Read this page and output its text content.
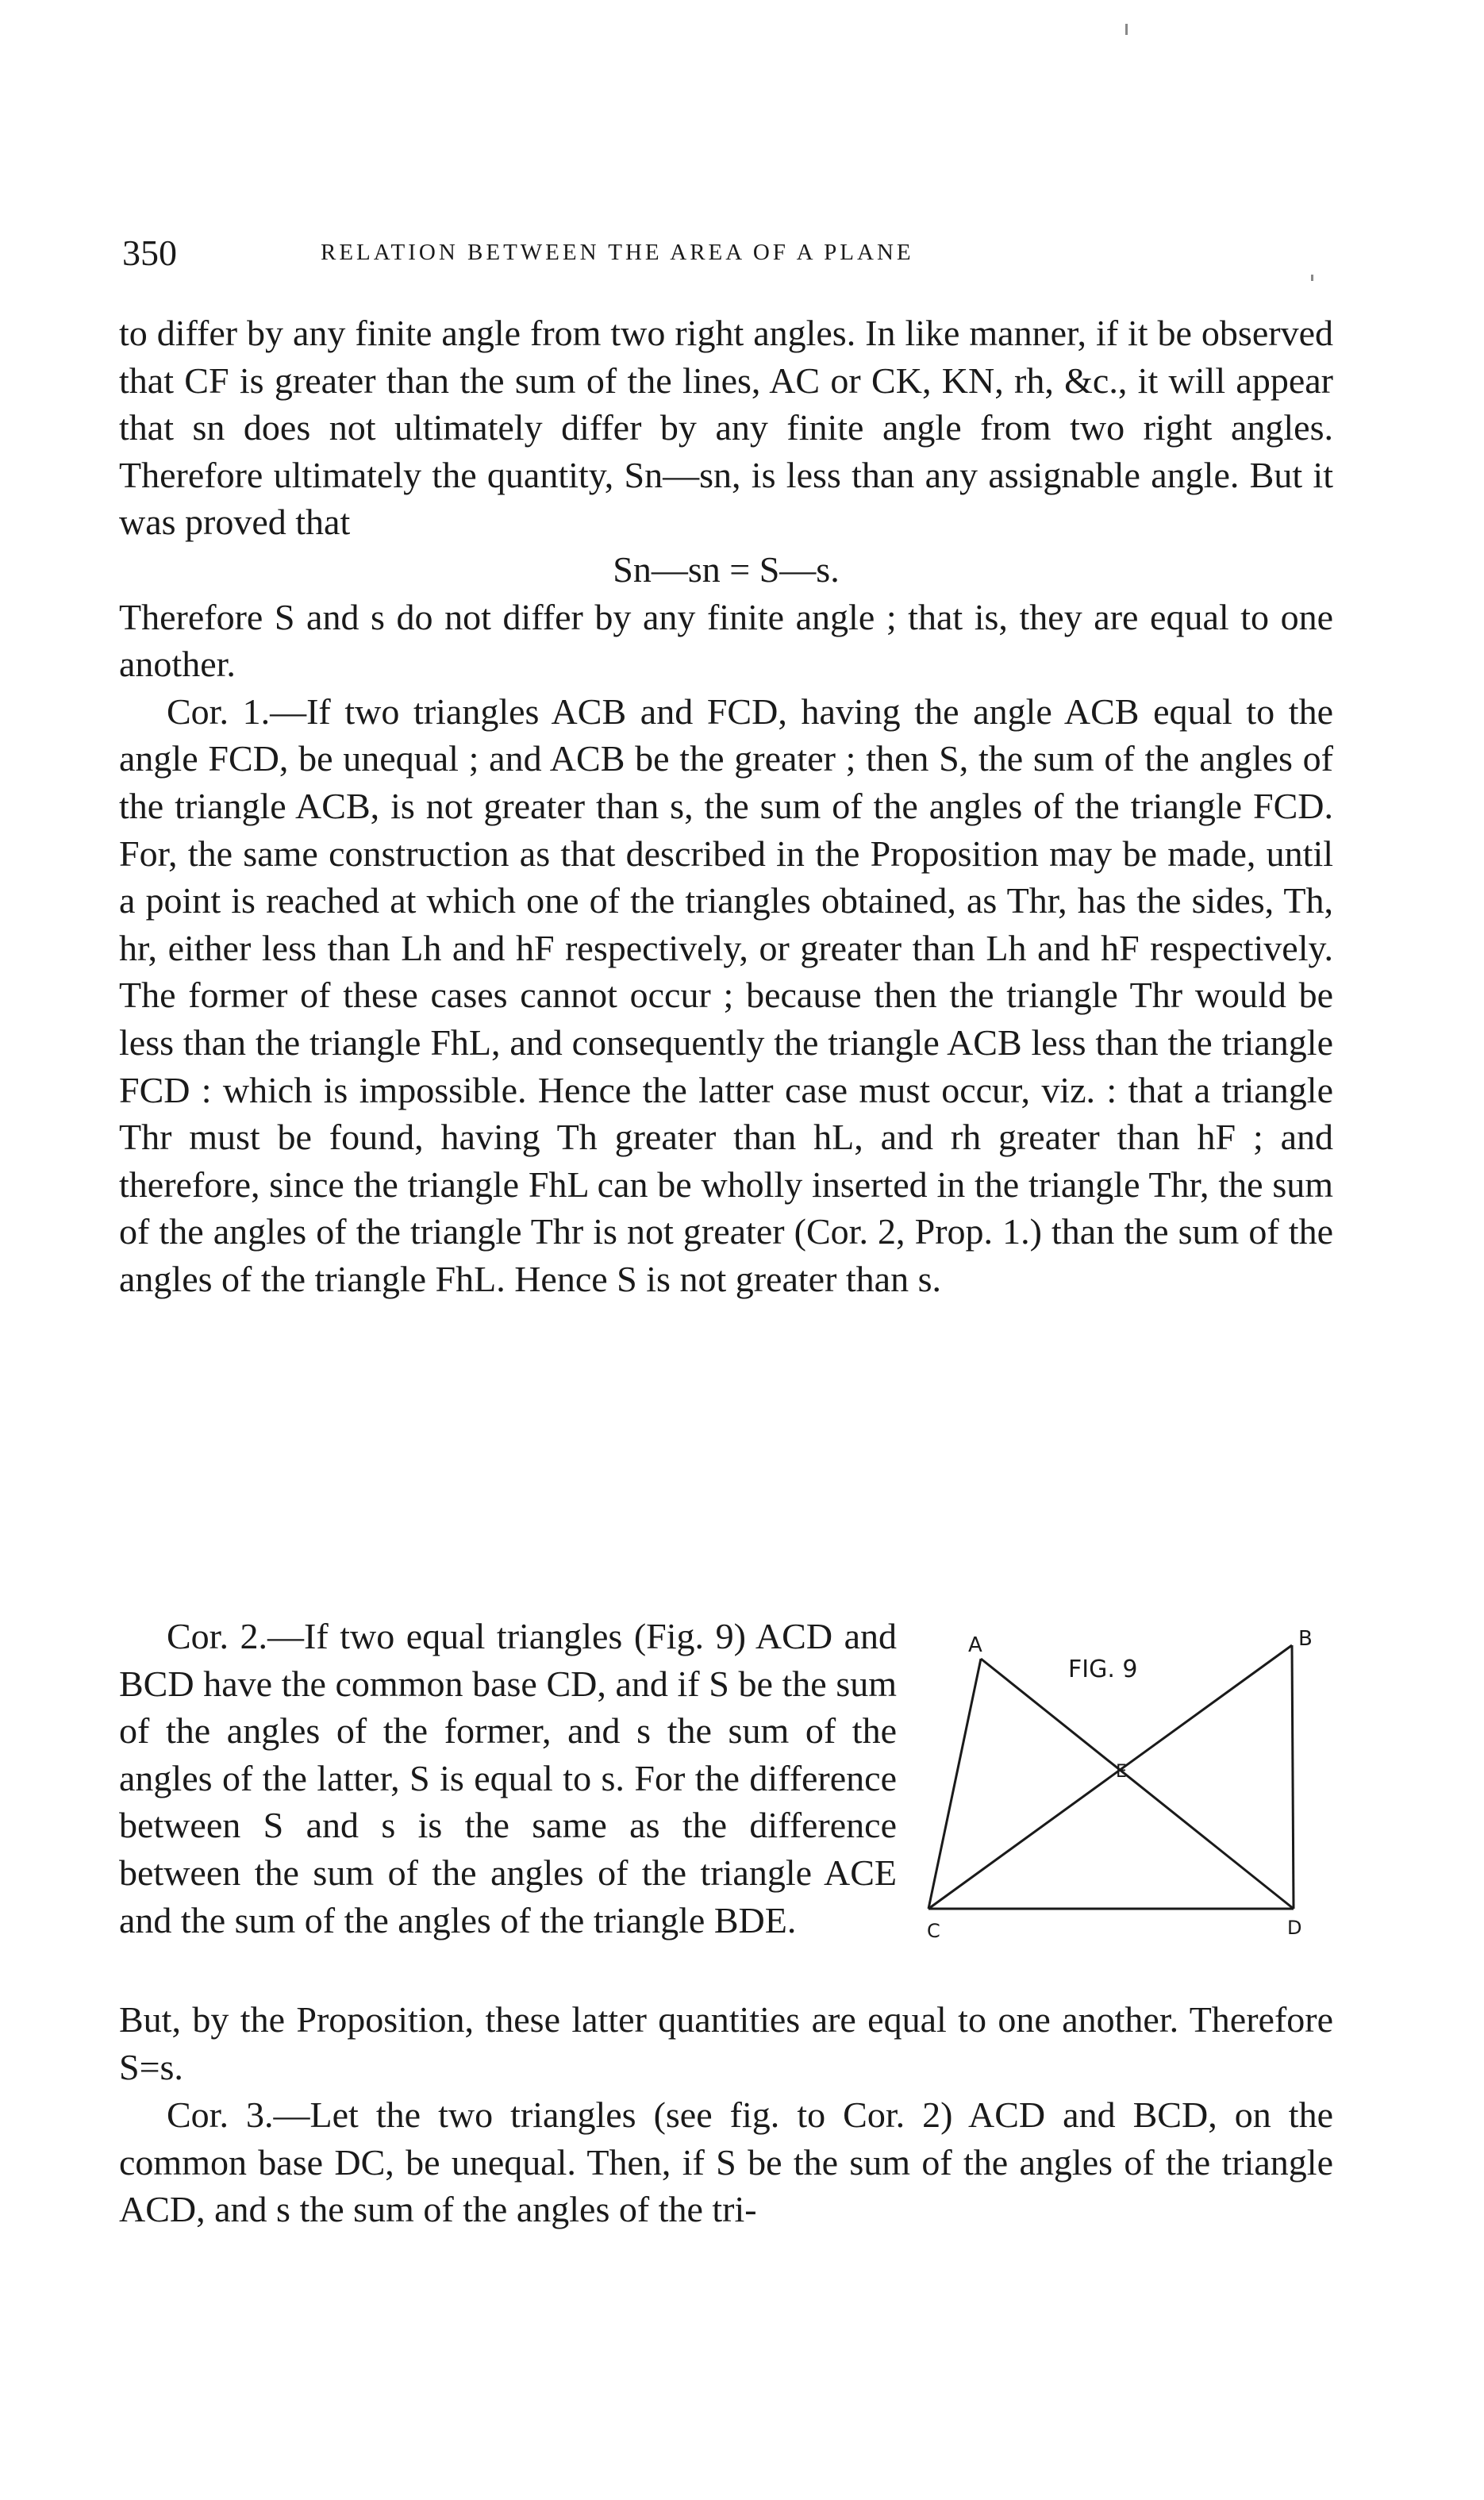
350	RELATION BETWEEN THE AREA OF A PLANE

to differ by any finite angle from two right angles. In like manner, if it be observed that CF is greater than the sum of the lines, AC or CK, KN, rh, &c., it will appear that sn does not ultimately differ by any finite angle from two right angles. Therefore ultimately the quantity, Sn—sn, is less than any assignable angle. But it was proved that

Sn—sn = S—s.

Therefore S and s do not differ by any finite angle ; that is, they are equal to one another.

Cor. 1.—If two triangles ACB and FCD, having the angle ACB equal to the angle FCD, be unequal ; and ACB be the greater ; then S, the sum of the angles of the triangle ACB, is not greater than s, the sum of the angles of the triangle FCD. For, the same construction as that described in the Proposition may be made, until a point is reached at which one of the triangles obtained, as Thr, has the sides, Th, hr, either less than Lh and hF respectively, or greater than Lh and hF respectively. The former of these cases cannot occur ; because then the triangle Thr would be less than the triangle FhL, and consequently the triangle ACB less than the triangle FCD : which is impossible. Hence the latter case must occur, viz. : that a triangle Thr must be found, having Th greater than hL, and rh greater than hF ; and therefore, since the triangle FhL can be wholly inserted in the triangle Thr, the sum of the angles of the triangle Thr is not greater (Cor. 2, Prop. 1.) than the sum of the angles of the triangle FhL. Hence S is not greater than s.

Cor. 2.—If two equal triangles (Fig. 9) ACD and BCD have the common base CD, and if S be the sum of the angles of the former, and s the sum of the angles of the latter, S is equal to s. For the difference between S and s is the same as the difference between the sum of the angles of the triangle ACE and the sum of the angles of the triangle BDE.

A	B
C	D
E
FIG. 9

But, by the Proposition, these latter quantities are equal to one another. Therefore S=s.

Cor. 3.—Let the two triangles (see fig. to Cor. 2) ACD and BCD, on the common base DC, be unequal. Then, if S be the sum of the angles of the triangle ACD, and s the sum of the angles of the tri-
